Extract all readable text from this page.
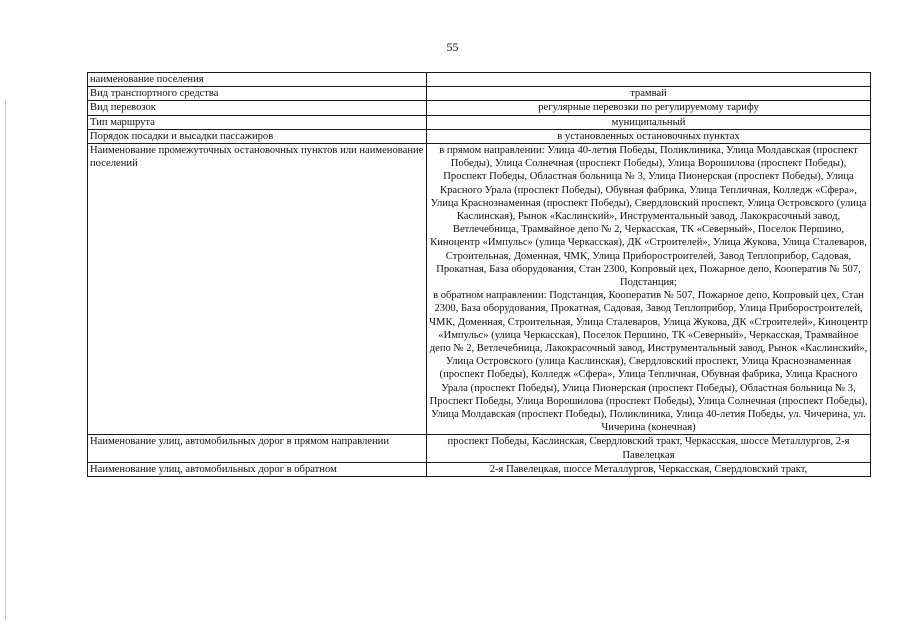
55
наименование поселения	
Вид транспортного средства	трамвай
Вид перевозок	регулярные перевозки по регулируемому тарифу
Тип маршрута	муниципальный
Порядок посадки и высадки пассажиров	в установленных остановочных пунктах
Наименование промежуточных остановочных пунктов или наименование поселений	в прямом направлении: Улица 40-летия Победы, Поликлиника, Улица Молдавская (проспект Победы), Улица Солнечная (проспект Победы), Улица Ворошилова (проспект Победы), Проспект Победы, Областная больница № 3, Улица Пионерская (проспект Победы), Улица Красного Урала (проспект Победы), Обувная фабрика, Улица Тепличная, Колледж «Сфера», Улица Краснознаменная (проспект Победы), Свердловский проспект, Улица Островского (улица Каслинская), Рынок «Каслинский», Инструментальный завод, Лакокрасочный завод, Ветлечебница, Трамвайное депо № 2, Черкасская, ТК «Северный», Поселок Першино, Киноцентр «Импульс» (улица Черкасская), ДК «Строителей», Улица Жукова, Улица Сталеваров, Строительная, Доменная, ЧМК, Улица Приборостроителей, Завод Теплоприбор, Садовая, Прокатная, База оборудования, Стан 2300, Копровый цех, Пожарное депо, Кооператив № 507, Подстанция;
в обратном направлении: Подстанция, Кооператив № 507, Пожарное депо, Копровый цех, Стан 2300, База оборудования, Прокатная, Садовая, Завод Теплоприбор, Улица Приборостроителей, ЧМК, Доменная, Строительная, Улица Сталеваров, Улица Жукова, ДК «Строителей», Киноцентр «Импульс» (улица Черкасская), Поселок Першино, ТК «Северный», Черкасская, Трамвайное депо № 2, Ветлечебница, Лакокрасочный завод, Инструментальный завод, Рынок «Каслинский», Улица Островского (улица Каслинская), Свердловский проспект, Улица Краснознаменная (проспект Победы), Колледж «Сфера», Улица Тепличная, Обувная фабрика, Улица Красного Урала (проспект Победы), Улица Пионерская (проспект Победы), Областная больница № 3, Проспект Победы, Улица Ворошилова (проспект Победы), Улица Солнечная (проспект Победы), Улица Молдавская (проспект Победы), Поликлиника, Улица 40-летия Победы, ул. Чичерина, ул. Чичерина (конечная)

Наименование улиц, автомобильных дорог в прямом направлении	проспект Победы, Каслинская, Свердловский тракт, Черкасская, шоссе Металлургов, 2-я Павелецкая
Наименование улиц, автомобильных дорог в обратном	2-я Павелецкая, шоссе Металлургов, Черкасская, Свердловский тракт,
